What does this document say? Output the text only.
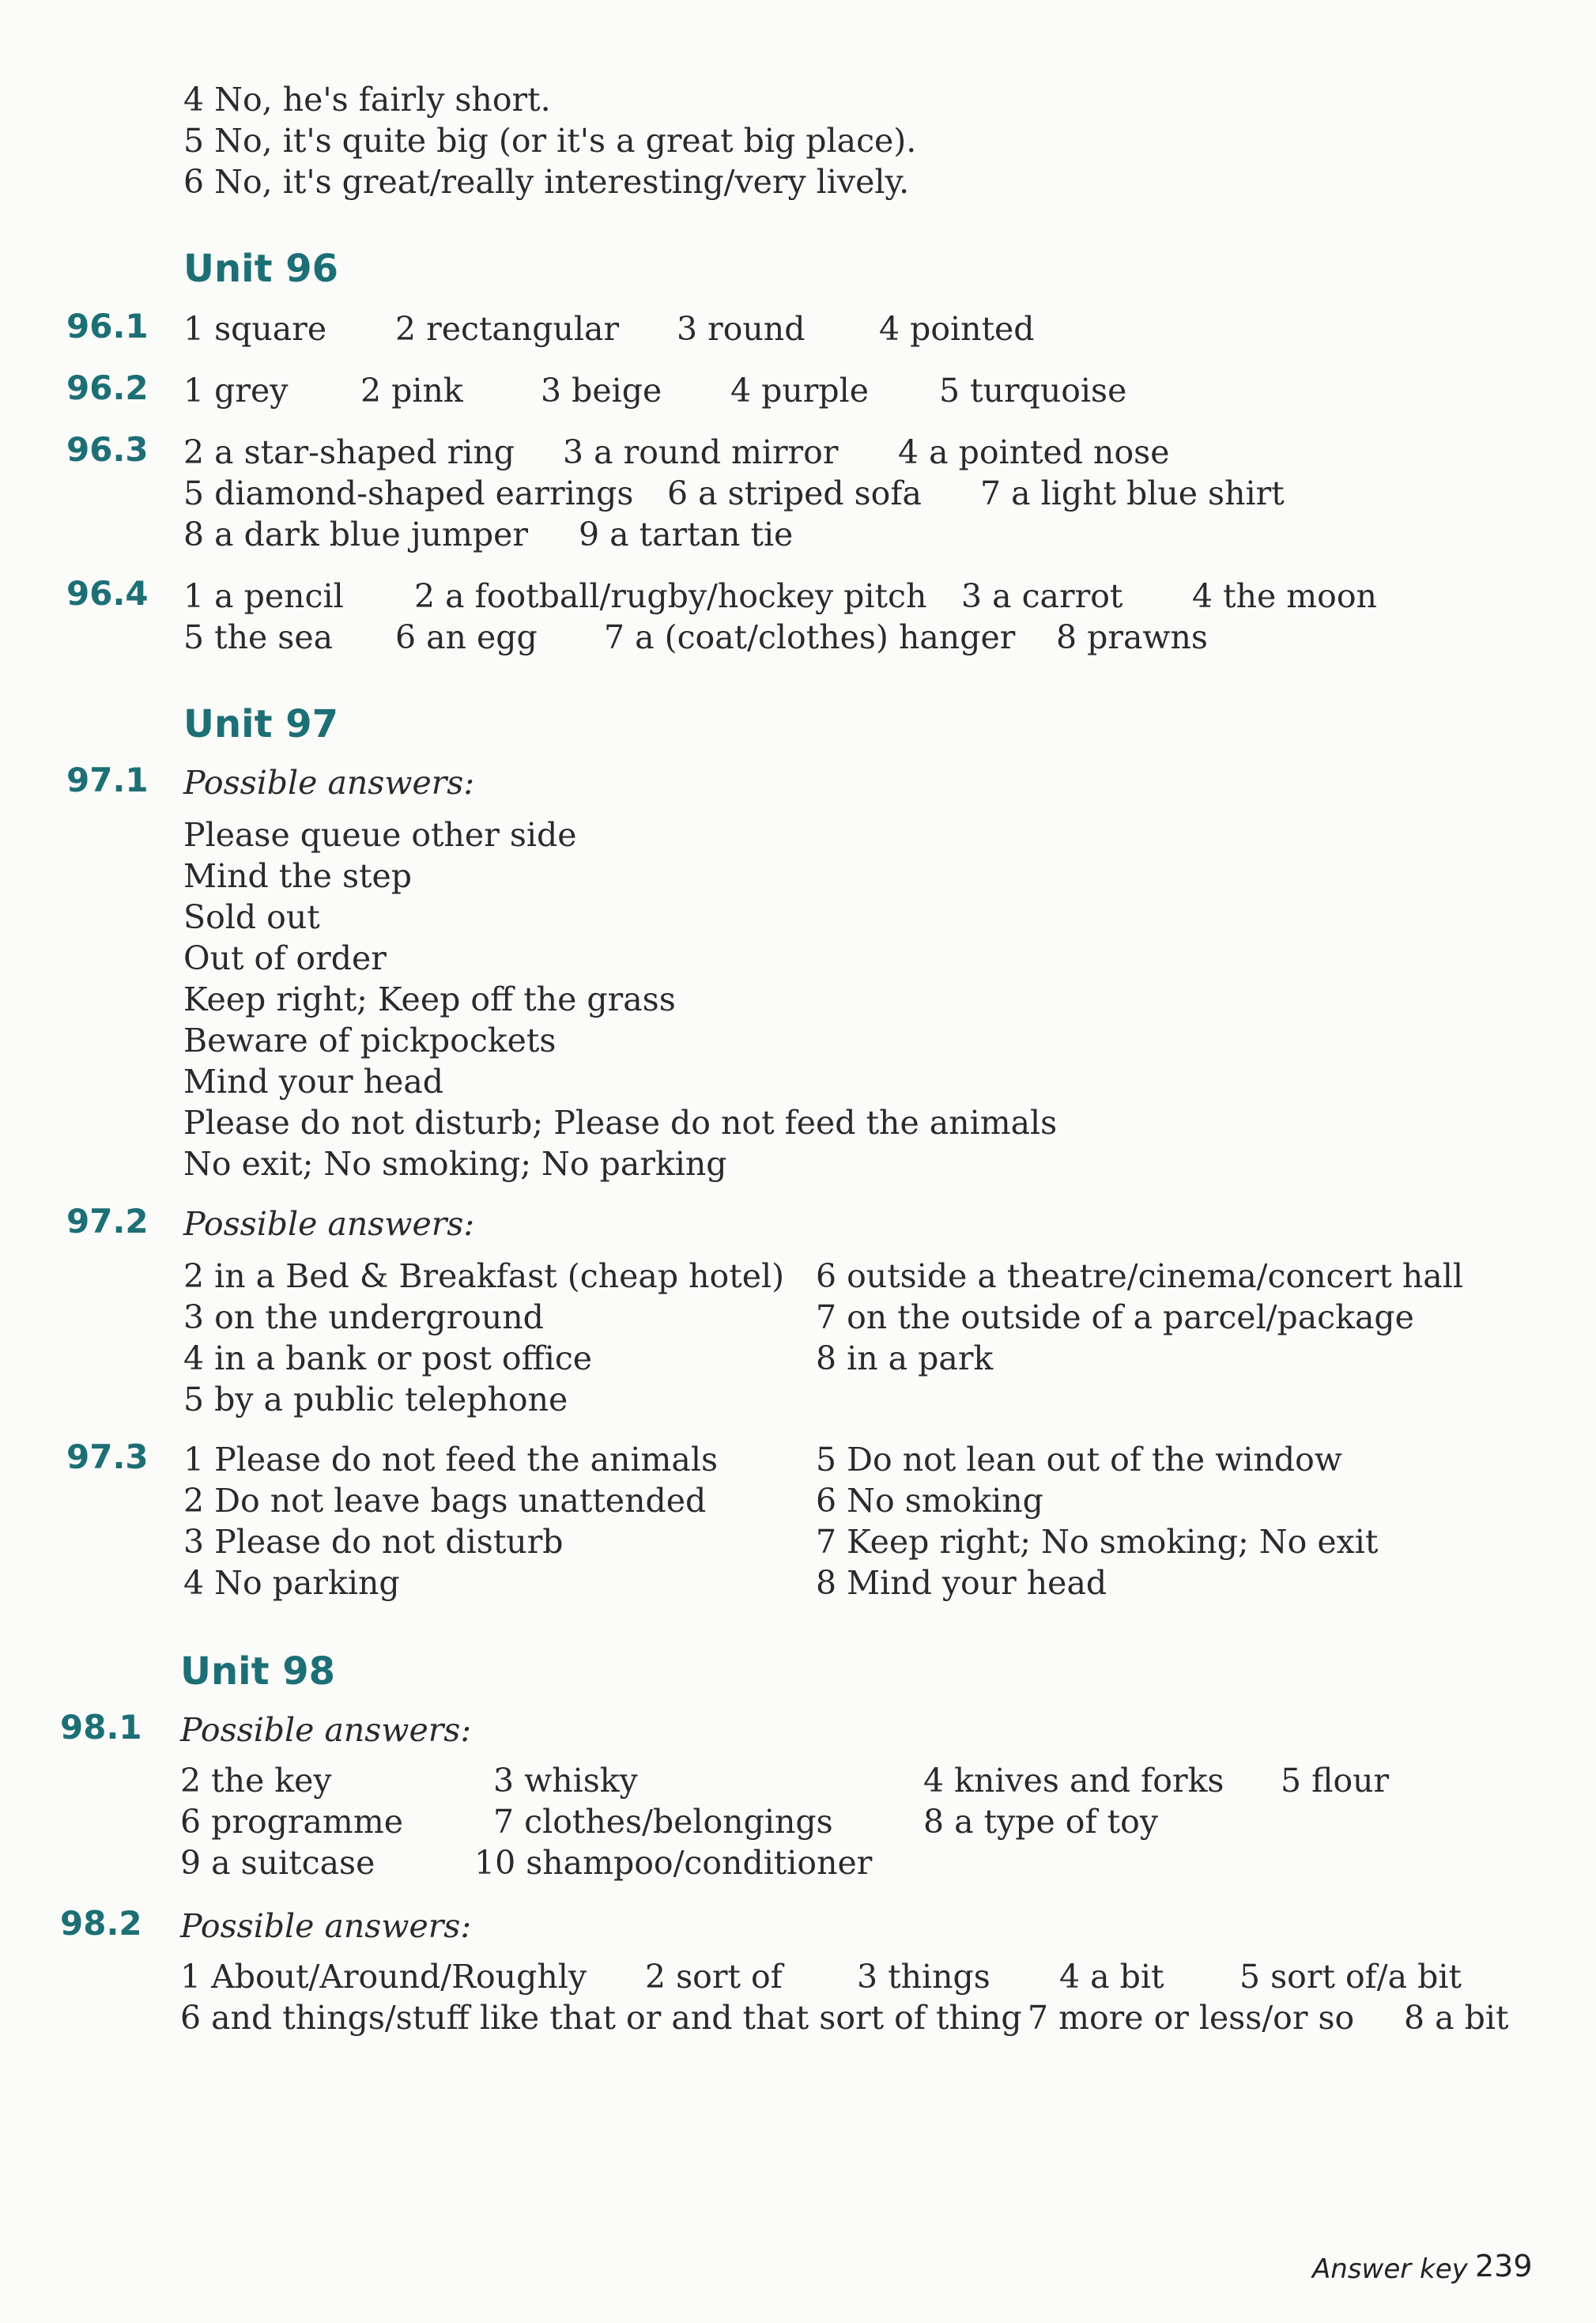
4 No, he's fairly short.
5 No, it's quite big (or it's a great big place).
6 No, it's great/really interesting/very lively.
Unit 96
96.1 1 square 2 rectangular 3 round 4 pointed
96.2 1 grey 2 pink 3 beige 4 purple 5 turquoise
96.3 2 a star-shaped ring 3 a round mirror 4 a pointed nose
5 diamond-shaped earrings 6 a striped sofa 7 a light blue shirt
8 a dark blue jumper 9 a tartan tie
96.4 1 a pencil 2 a football/rugby/hockey pitch 3 a carrot 4 the moon
5 the sea 6 an egg 7 a (coat/clothes) hanger 8 prawns
Unit 97
97.1 Possible answers:
Please queue other side
Mind the step
Sold out
Out of order
Keep right; Keep off the grass
Beware of pickpockets
Mind your head
Please do not disturb; Please do not feed the animals
No exit; No smoking; No parking
97.2 Possible answers:
2 in a Bed & Breakfast (cheap hotel)
3 on the underground
4 in a bank or post office
5 by a public telephone
6 outside a theatre/cinema/concert hall
7 on the outside of a parcel/package
8 in a park
97.3 1 Please do not feed the animals
2 Do not leave bags unattended
3 Please do not disturb
4 No parking
5 Do not lean out of the window
6 No smoking
7 Keep right; No smoking; No exit
8 Mind your head
Unit 98
98.1 Possible answers:
2 the key	3 whisky	4 knives and forks 5 flour
6 programme	7 clothes/belongings	8 a type of toy
9 a suitcase	10 shampoo/conditioner
98.2 Possible answers:
1 About/Around/Roughly 2 sort of 3 things 4 a bit 5 sort of/a bit
6 and things/stuff like that or and that sort of thing 7 more or less/or so 8 a bit
Answer key 239
